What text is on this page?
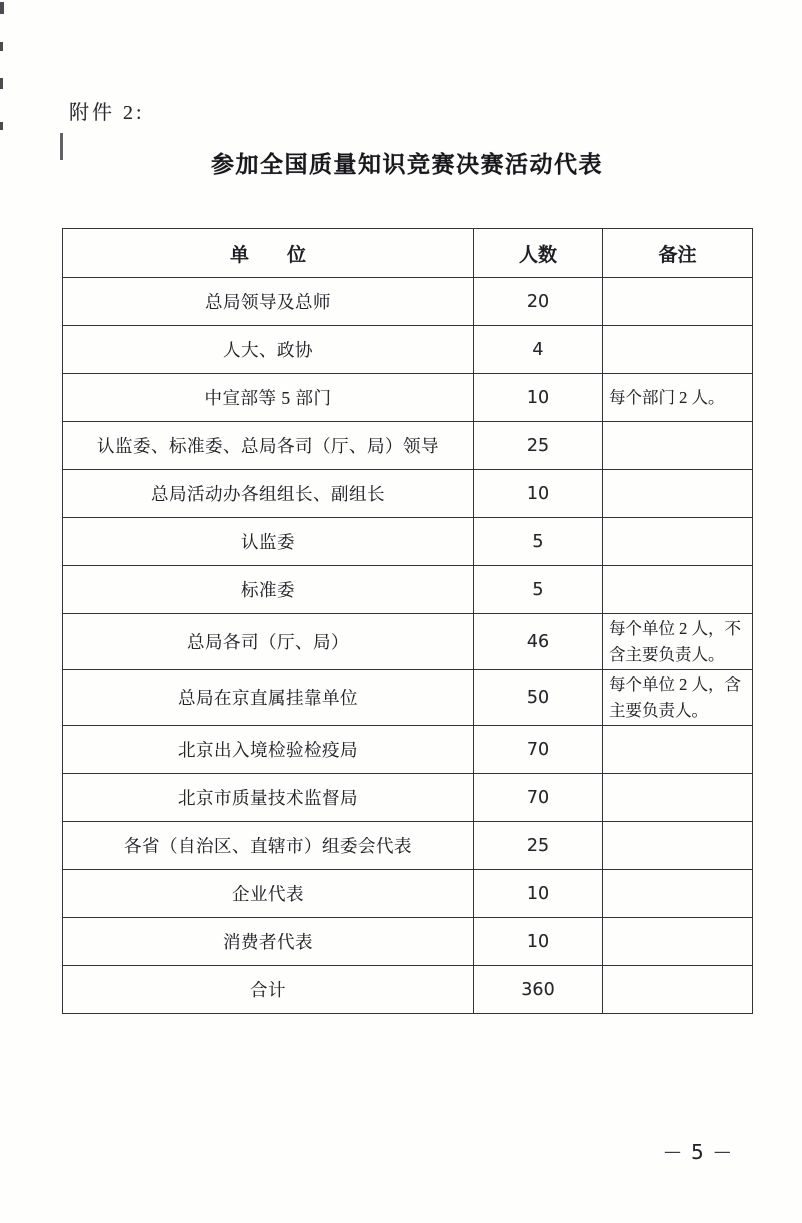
附件 2:
参加全国质量知识竞赛决赛活动代表
单　　位	人数	备注
总局领导及总师	20	
人大、政协	4	
中宣部等 5 部门	10	每个部门 2 人。
认监委、标准委、总局各司（厅、局）领导	25	
总局活动办各组组长、副组长	10	
认监委	5	
标准委	5	
总局各司（厅、局）	46	每个单位 2 人，不含主要负责人。
总局在京直属挂靠单位	50	每个单位 2 人，含主要负责人。
北京出入境检验检疫局	70	
北京市质量技术监督局	70	
各省（自治区、直辖市）组委会代表	25	
企业代表	10	
消费者代表	10	
合计	360	
— 5 —
